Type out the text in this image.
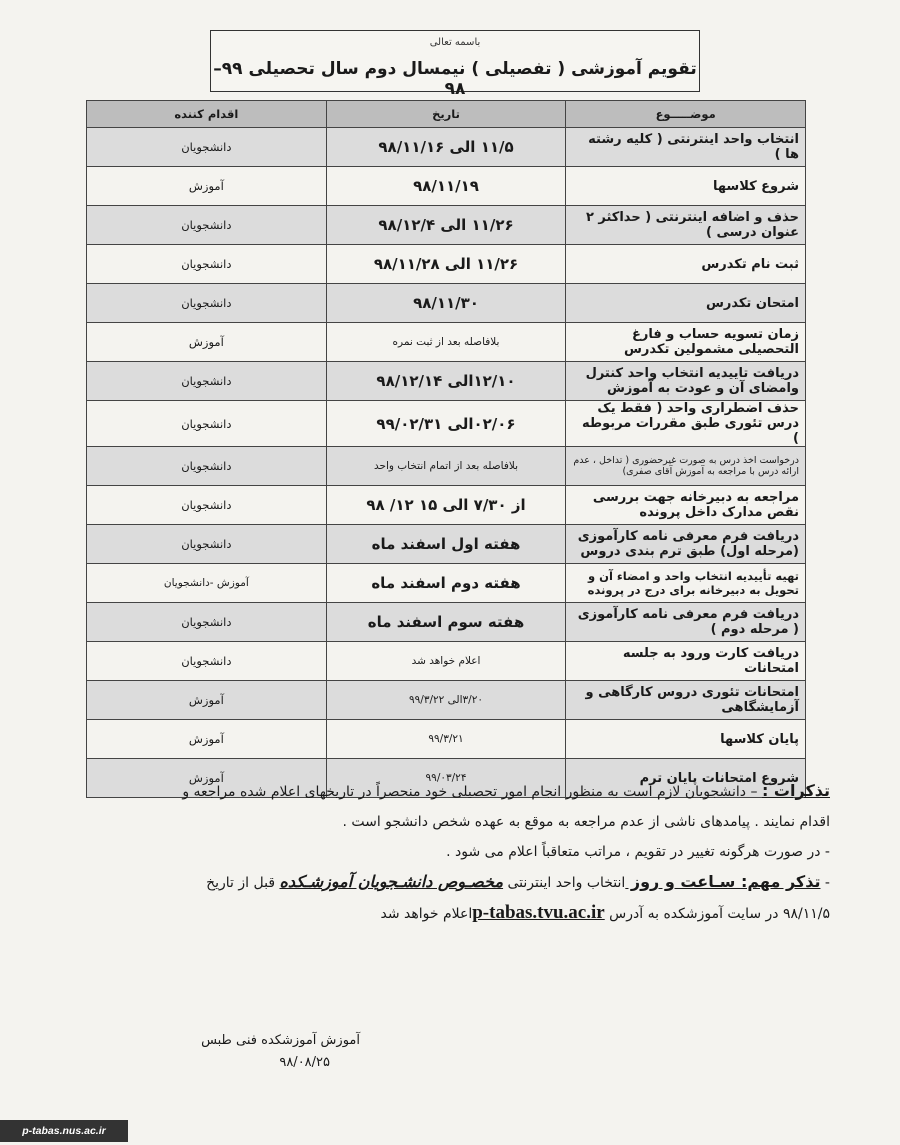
باسمه تعالی
تقویم آموزشی ( تفصیلی ) نیمسال دوم سال تحصیلی ۹۹–۹۸
موضـــــوع	تاریخ	اقدام کننده
انتخاب واحد اینترنتی ( کلیه رشته ها )	۱۱/۵ الی ۹۸/۱۱/۱۶	دانشجویان
شروع کلاسها	۹۸/۱۱/۱۹	آموزش
حذف و اضافه اینترنتی ( حداکثر ۲ عنوان درسی )	۱۱/۲۶ الی ۹۸/۱۲/۴	دانشجویان
ثبت نام تکدرس	۱۱/۲۶ الی ۹۸/۱۱/۲۸	دانشجویان
امتحان تکدرس	۹۸/۱۱/۳۰	دانشجویان
زمان تسویه حساب و فارغ التحصیلی مشمولین تکدرس	بلافاصله بعد از ثبت نمره	آموزش
دریافت تاییدیه انتخاب واحد کنترل وامضای آن و عودت به آموزش	۱۲/۱۰الی ۹۸/۱۲/۱۴	دانشجویان
حذف اضطراری واحد ( فقط یک درس تئوری طبق مقررات مربوطه )	۰۲/۰۶الی ۹۹/۰۲/۳۱	دانشجویان
درخواست اخذ درس به صورت غیرحضوری ( تداخل ، عدم ارائه درس با مراجعه به آموزش آقای صفری)	بلافاصله بعد از اتمام انتخاب واحد	دانشجویان
مراجعه به دبیرخانه جهت بررسی نقص مدارک داخل پرونده	از ۷/۳۰ الی ۱۵ ۱۲/ ۹۸	دانشجویان
دریافت فرم معرفی نامه کارآموزی (مرحله اول) طبق ترم بندی دروس	هفته اول اسفند ماه	دانشجویان
تهیه تأییدیه انتخاب واحد و امضاء آن و تحویل به دبیرخانه برای درج در پرونده	هفته دوم اسفند ماه	آموزش -دانشجویان
دریافت فرم معرفی نامه کارآموزی ( مرحله دوم )	هفته سوم اسفند ماه	دانشجویان
دریافت کارت ورود به جلسه امتحانات	اعلام خواهد شد	دانشجویان
امتحانات تئوری دروس کارگاهی و آزمایشگاهی	۳/۲۰الی ۹۹/۳/۲۲	آموزش
پایان کلاسها	۹۹/۳/۲۱	آموزش
شروع امتحانات پایان ترم	۹۹/۰۳/۲۴	آموزش

تذکرات : – دانشجویان لازم است به منظور انجام امور تحصیلی خود منحصراً در تاریخهای اعلام شده مراجعه و

اقدام نمایند . پیامدهای ناشی از عدم مراجعه به موقع به عهده شخص دانشجو است .

- در صورت هرگونه تغییر در تقویم ، مراتب متعاقباً اعلام می شود .

- تذکر مهم: سـاعت و روز انتخاب واحد اینترنتی مخصـوص دانشـجویان آموزشـکده قبل از تاریخ

۹۸/۱۱/۵ در سایت آموزشکده به آدرس p-tabas.tvu.ac.irاعلام خواهد شد

آموزش آموزشکده فنی طبس
۹۸/۰۸/۲۵
p-tabas.nus.ac.ir
